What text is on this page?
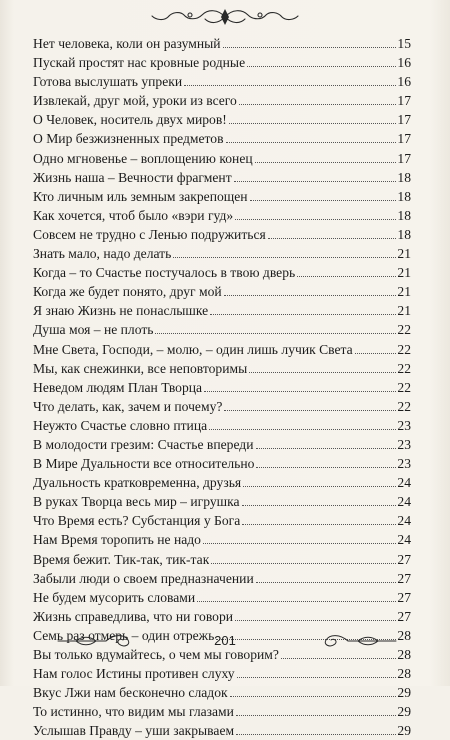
Нет человека, коли он разумный	15
Пускай простят нас кровные родные	16
Готова выслушать упреки	16
Извлекай, друг мой, уроки из всего	17
О Человек, носитель двух миров!	17
О Мир безжизненных предметов	17
Одно мгновенье – воплощению конец	17
Жизнь наша – Вечности фрагмент	18
Кто личным иль земным закрепощен	18
Как хочется, чтоб было «вэри гуд»	18
Совсем не трудно с Ленью подружиться	18
Знать мало, надо делать	21
Когда – то Счастье постучалось в твою дверь	21
Когда же будет понято, друг мой	21
Я знаю Жизнь не понаслышке	21
Душа моя – не плоть	22
Мне Света, Господи, – молю, – один лишь лучик Света	22
Мы, как снежинки, все неповторимы	22
Неведом людям План Творца	22
Что делать, как, зачем и почему?	22
Неужто Счастье словно птица	23
В молодости грезим: Счастье впереди	23
В Мире Дуальности все относительно	23
Дуальность кратковременна, друзья	24
В руках Творца весь мир – игрушка	24
Что Время есть? Субстанция у Бога	24
Нам Время торопить не надо	24
Время бежит. Тик-так, тик-так	27
Забыли люди о своем предназначении	27
Не будем мусорить словами	27
Жизнь справедлива, что ни говори	27
Семь раз отмерь – один отрежь	28
Вы только вдумайтесь, о чем мы говорим?	28
Нам голос Истины противен слуху	28
Вкус Лжи нам бесконечно сладок	29
То истинно, что видим мы глазами	29
Услышав Правду – уши закрываем	29
201
